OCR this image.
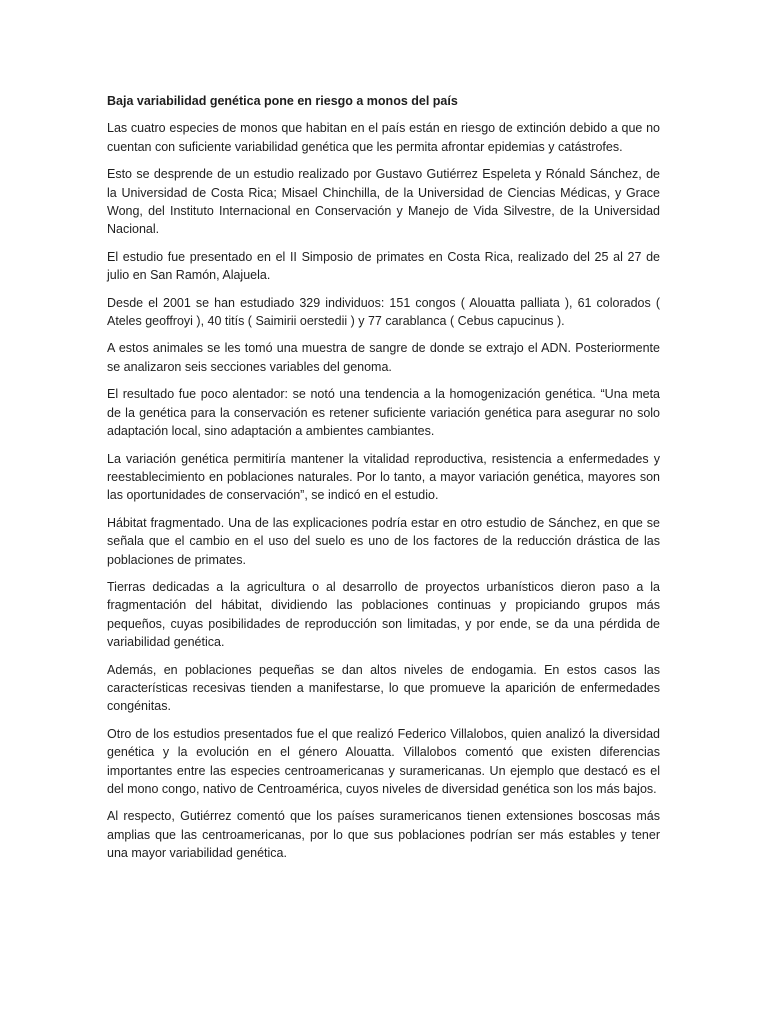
Baja variabilidad genética pone en riesgo a monos del país

Las cuatro especies de monos que habitan en el país están en riesgo de extinción debido a que no cuentan con suficiente variabilidad genética que les permita afrontar epidemias y catástrofes.

Esto se desprende de un estudio realizado por Gustavo Gutiérrez Espeleta y Rónald Sánchez, de la Universidad de Costa Rica; Misael Chinchilla, de la Universidad de Ciencias Médicas, y Grace Wong, del Instituto Internacional en Conservación y Manejo de Vida Silvestre, de la Universidad Nacional.

El estudio fue presentado en el II Simposio de primates en Costa Rica, realizado del 25 al 27 de julio en San Ramón, Alajuela.

Desde el 2001 se han estudiado 329 individuos: 151 congos ( Alouatta palliata ), 61 colorados ( Ateles geoffroyi ), 40 titís ( Saimirii oerstedii ) y 77 carablanca ( Cebus capucinus ).

A estos animales se les tomó una muestra de sangre de donde se extrajo el ADN. Posteriormente se analizaron seis secciones variables del genoma.

El resultado fue poco alentador: se notó una tendencia a la homogenización genética. “Una meta de la genética para la conservación es retener suficiente variación genética para asegurar no solo adaptación local, sino adaptación a ambientes cambiantes.

La variación genética permitiría mantener la vitalidad reproductiva, resistencia a enfermedades y reestablecimiento en poblaciones naturales. Por lo tanto, a mayor variación genética, mayores son las oportunidades de conservación”, se indicó en el estudio.

Hábitat fragmentado. Una de las explicaciones podría estar en otro estudio de Sánchez, en que se señala que el cambio en el uso del suelo es uno de los factores de la reducción drástica de las poblaciones de primates.

Tierras dedicadas a la agricultura o al desarrollo de proyectos urbanísticos dieron paso a la fragmentación del hábitat, dividiendo las poblaciones continuas y propiciando grupos más pequeños, cuyas posibilidades de reproducción son limitadas, y por ende, se da una pérdida de variabilidad genética.

Además, en poblaciones pequeñas se dan altos niveles de endogamia. En estos casos las características recesivas tienden a manifestarse, lo que promueve la aparición de enfermedades congénitas.

Otro de los estudios presentados fue el que realizó Federico Villalobos, quien analizó la diversidad genética y la evolución en el género Alouatta. Villalobos comentó que existen diferencias importantes entre las especies centroamericanas y suramericanas. Un ejemplo que destacó es el del mono congo, nativo de Centroamérica, cuyos niveles de diversidad genética son los más bajos.

Al respecto, Gutiérrez comentó que los países suramericanos tienen extensiones boscosas más amplias que las centroamericanas, por lo que sus poblaciones podrían ser más estables y tener una mayor variabilidad genética.
